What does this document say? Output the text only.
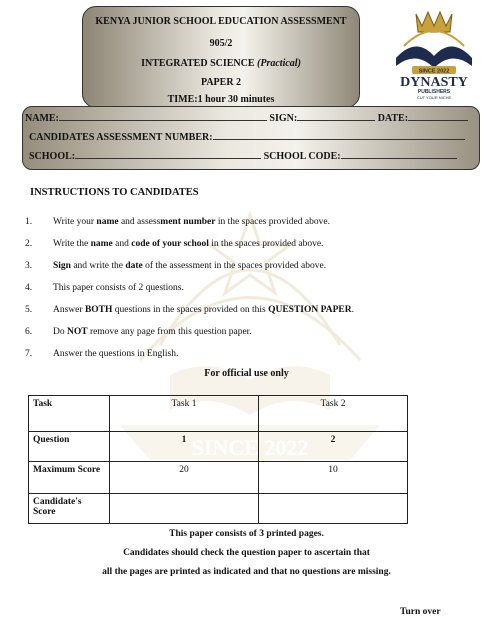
SINCE 2022
KENYA JUNIOR SCHOOL EDUCATION ASSESSMENT
905/2
INTEGRATED SCIENCE (Practical)
PAPER 2
TIME:1 hour 30 minutes
SINCE 2022
DYNASTY
PUBLISHERS
CUT YOUR NICHE
NAME:	SIGN:	DATE:
CANDIDATES ASSESSMENT NUMBER:
SCHOOL:	SCHOOL CODE:
INSTRUCTIONS TO CANDIDATES
1. Write your name and assessment number in the spaces provided above.
2. Write the name and code of your school in the spaces provided above.
3. Sign and write the date of the assessment in the spaces provided above.
4. This paper consists of 2 questions.
5. Answer BOTH questions in the spaces provided on this QUESTION PAPER.
6. Do NOT remove any page from this question paper.
7. Answer the questions in English.
For official use only
Task	Task 1	Task 2
Question	1	2
Maximum Score	20	10
Candidate's Score		
This paper consists of 3 printed pages.
Candidates should check the question paper to ascertain that
all the pages are printed as indicated and that no questions are missing.
Turn over
